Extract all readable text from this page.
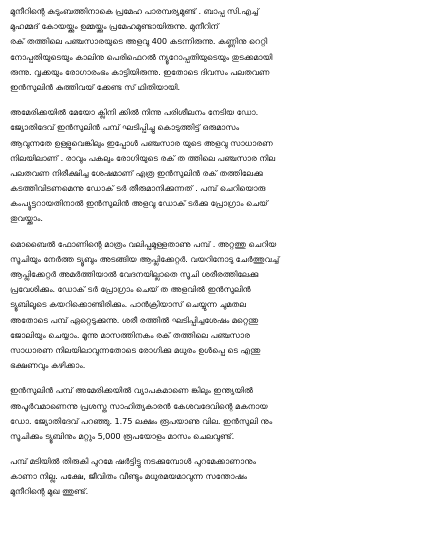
മുനീറിന്റെ കുടുംബത്തിനാകെ പ്രമേഹ പാരമ്പര്യമുണ്ട് . ബാപ്പ സി.എച്ച്
മുഹമ്മദ് കോയയ്ക്കും ഉമ്മയ്ക്കും പ്രമേഹമുണ്ടായിരുന്നു. മുനീറിന്
രക് തത്തിലെ പഞ്ചസാരയുടെ അളവു 400 കടന്നിരുന്നു. കണ്ണിനു റെറ്റി
നോപ്പതിയുടെയും കാലിനു പെരിഫെറൽ ന്യൂറോപ്പതിയുടെയും തുടക്കമായി
രുന്നു. വൃക്കയും രോഗാരംഭം കാട്ടിയിരുന്നു. ഇതോടെ ദിവസം പലതവണ
ഇൻസുലിൻ കുത്തിവയ് ക്കേണ്ട സ് ഥിതിയായി.
അമേരിക്കയിൽ മേയോ ക്ലിനി ക്കിൽ നിന്നു പരിശീലനം നേടിയ ഡോ.
ജ്യോതിദേവ് ഇൻസുലിൻ പമ്പ് ഘടിപ്പിച്ചു കൊടുത്തിട്ട് ഒരുമാസം
ആവുന്നതേ ഉള്ളുവെങ്കിലും ഇപ്പോൾ പഞ്ചസാര യുടെ അളവു സാധാരണ
നിലയിലാണ് . രാവും പകലും രോഗിയുടെ രക് ത ത്തിലെ പഞ്ചസാര നില
പലതവണ നിരീക്ഷിച്ച ശേഷമാണ് എത്ര ഇൻസുലിൻ രക് തത്തിലേക്കു
കടത്തിവിടണമെന്നു ഡോക് ടർ തീരുമാനിക്കുന്നത് . പമ്പ് ചെറിയൊരു
കംപ്യൂട്ടറായതിനാൽ ഇൻസുലിൻ അളവു ഡോക് ടർക്കു പ്രോഗ്രാം ചെയ്
തുവയ്ക്കാം.
മൊബൈൽ ഫോണിന്റെ മാത്രം വലിപ്പമുള്ളതാണു പമ്പ് . അറ്റത്തു ചെറിയ
സൂചിയും നേർത്ത ട്യൂബും അടങ്ങിയ ആപ്ലിക്കേറ്റർ. വയറിനോടു ചേർത്തുവച്ച്
ആപ്ലിക്കേറ്റർ അമർത്തിയാൽ വേദനയില്ലാതെ സൂചി ശരീരത്തിലേക്കു
പ്രവേശിക്കും. ഡോക് ടർ പ്രോഗ്രാം ചെയ് ത അളവിൽ ഇൻസുലിൻ
ട്യൂബിലൂടെ കയറിക്കൊണ്ടിരിക്കും. പാൻക്രിയാസ് ചെയ്യുന്ന ചുമതല
അതോടെ പമ്പ് ഏറ്റെടുക്കുന്നു. ശരീ രത്തിൽ ഘടിപ്പിച്ചശേഷം മറ്റെന്തു
ജോലിയും ചെയ്യാം. മൂന്നു മാസത്തിനകം രക് തത്തിലെ പഞ്ചസാര
സാധാരണ നിലയിലാവുന്നതോടെ രോഗിക്കു മധുരം ഉൾപ്പെ ടെ എന്തു
ഭക്ഷണവും കഴിക്കാം.
ഇൻസുലിൻ പമ്പ് അമേരിക്കയിൽ വ്യാപകമാണെ ങ്കിലും ഇന്ത്യയിൽ
അപൂർവമാണെന്നു പ്രശസ്ത സാഹിത്യകാരൻ കേശവദേവിന്റെ മകനായ
ഡോ. ജ്യോതിദേവ് പറഞ്ഞു. 1.75 ലക്ഷം രൂപയാണു വില. ഇൻസുലി നും
സൂചിക്കും ട്യൂബിനും മറ്റും 5,000 രൂപയോളം മാസം ചെലവുണ്ട്.
പമ്പ് മടിയിൽ തിരുകി പുറമേ ഷർട്ടിട്ടു നടക്കുമ്പോൾ പുറമേക്കാണാനും
കാണാ നില്ല. പക്ഷേ, ജീവിതം വീണ്ടും മധുരമയമാവുന്ന സന്തോഷം
മുനീറിന്റെ മുഖ ത്തുണ്ട്.
